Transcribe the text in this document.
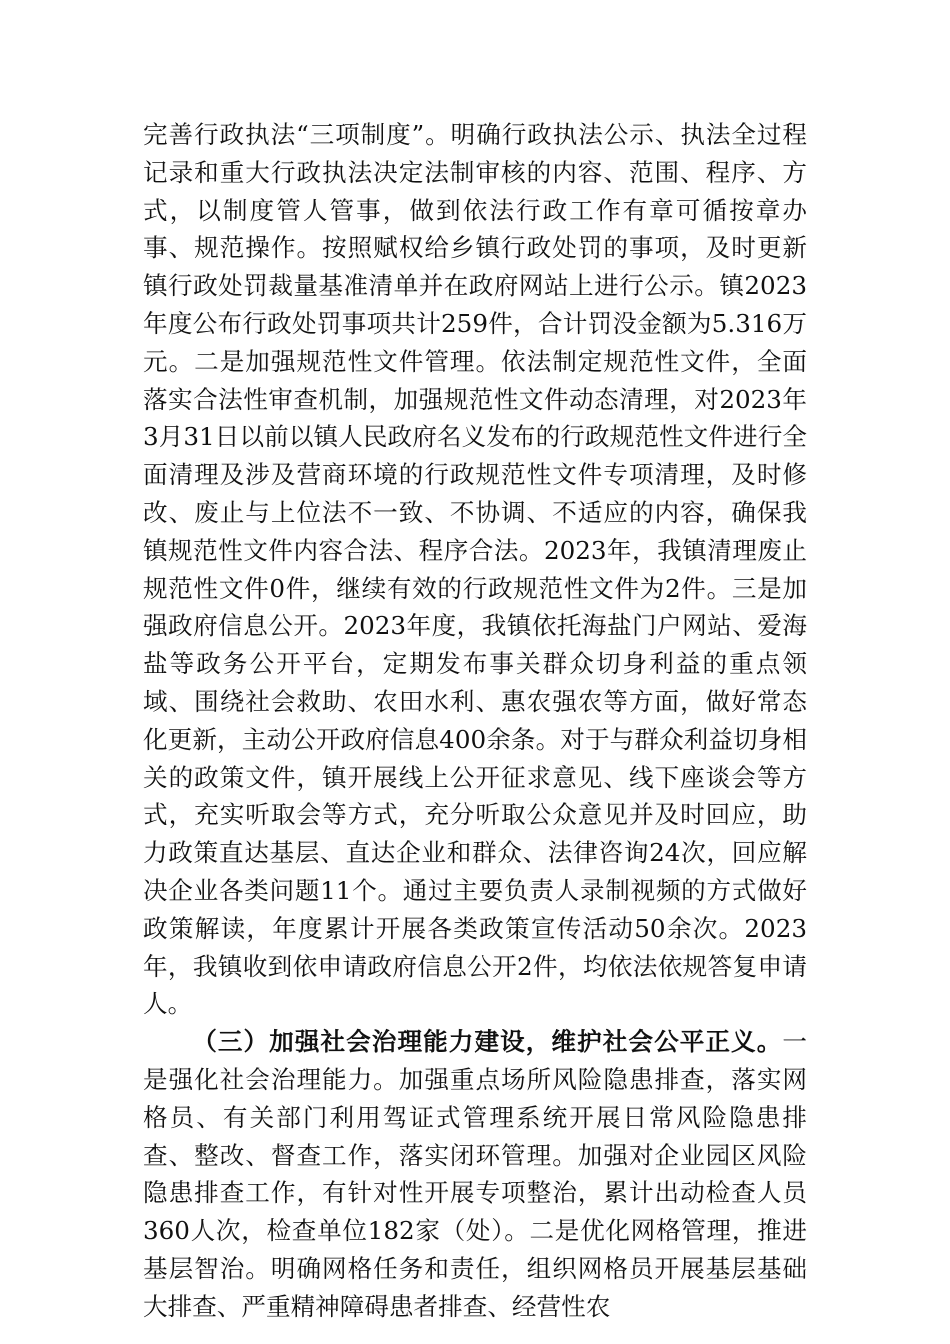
完善行政执法“三项制度”。明确行政执法公示、执法全过程记录和重大行政执法决定法制审核的内容、范围、程序、方式，以制度管人管事，做到依法行政工作有章可循按章办事、规范操作。按照赋权给乡镇行政处罚的事项，及时更新镇行政处罚裁量基准清单并在政府网站上进行公示。镇2023年度公布行政处罚事项共计259件，合计罚没金额为5.316万元。二是加强规范性文件管理。依法制定规范性文件，全面落实合法性审查机制，加强规范性文件动态清理，对2023年3月31日以前以镇人民政府名义发布的行政规范性文件进行全面清理及涉及营商环境的行政规范性文件专项清理，及时修改、废止与上位法不一致、不协调、不适应的内容，确保我镇规范性文件内容合法、程序合法。2023年，我镇清理废止规范性文件0件，继续有效的行政规范性文件为2件。三是加强政府信息公开。2023年度，我镇依托海盐门户网站、爱海盐等政务公开平台，定期发布事关群众切身利益的重点领域、围绕社会救助、农田水利、惠农强农等方面，做好常态化更新，主动公开政府信息400余条。对于与群众利益切身相关的政策文件，镇开展线上公开征求意见、线下座谈会等方式，充实听取会等方式，充分听取公众意见并及时回应，助力政策直达基层、直达企业和群众、法律咨询24次，回应解决企业各类问题11个。通过主要负责人录制视频的方式做好政策解读，年度累计开展各类政策宣传活动50余次。2023年，我镇收到依申请政府信息公开2件，均依法依规答复申请人。

（三）加强社会治理能力建设，维护社会公平正义。一是强化社会治理能力。加强重点场所风险隐患排查，落实网格员、有关部门利用驾证式管理系统开展日常风险隐患排查、整改、督查工作，落实闭环管理。加强对企业园区风险隐患排查工作，有针对性开展专项整治，累计出动检查人员360人次，检查单位182家（处）。二是优化网格管理，推进基层智治。明确网格任务和责任，组织网格员开展基层基础大排查、严重精神障碍患者排查、经营性农
